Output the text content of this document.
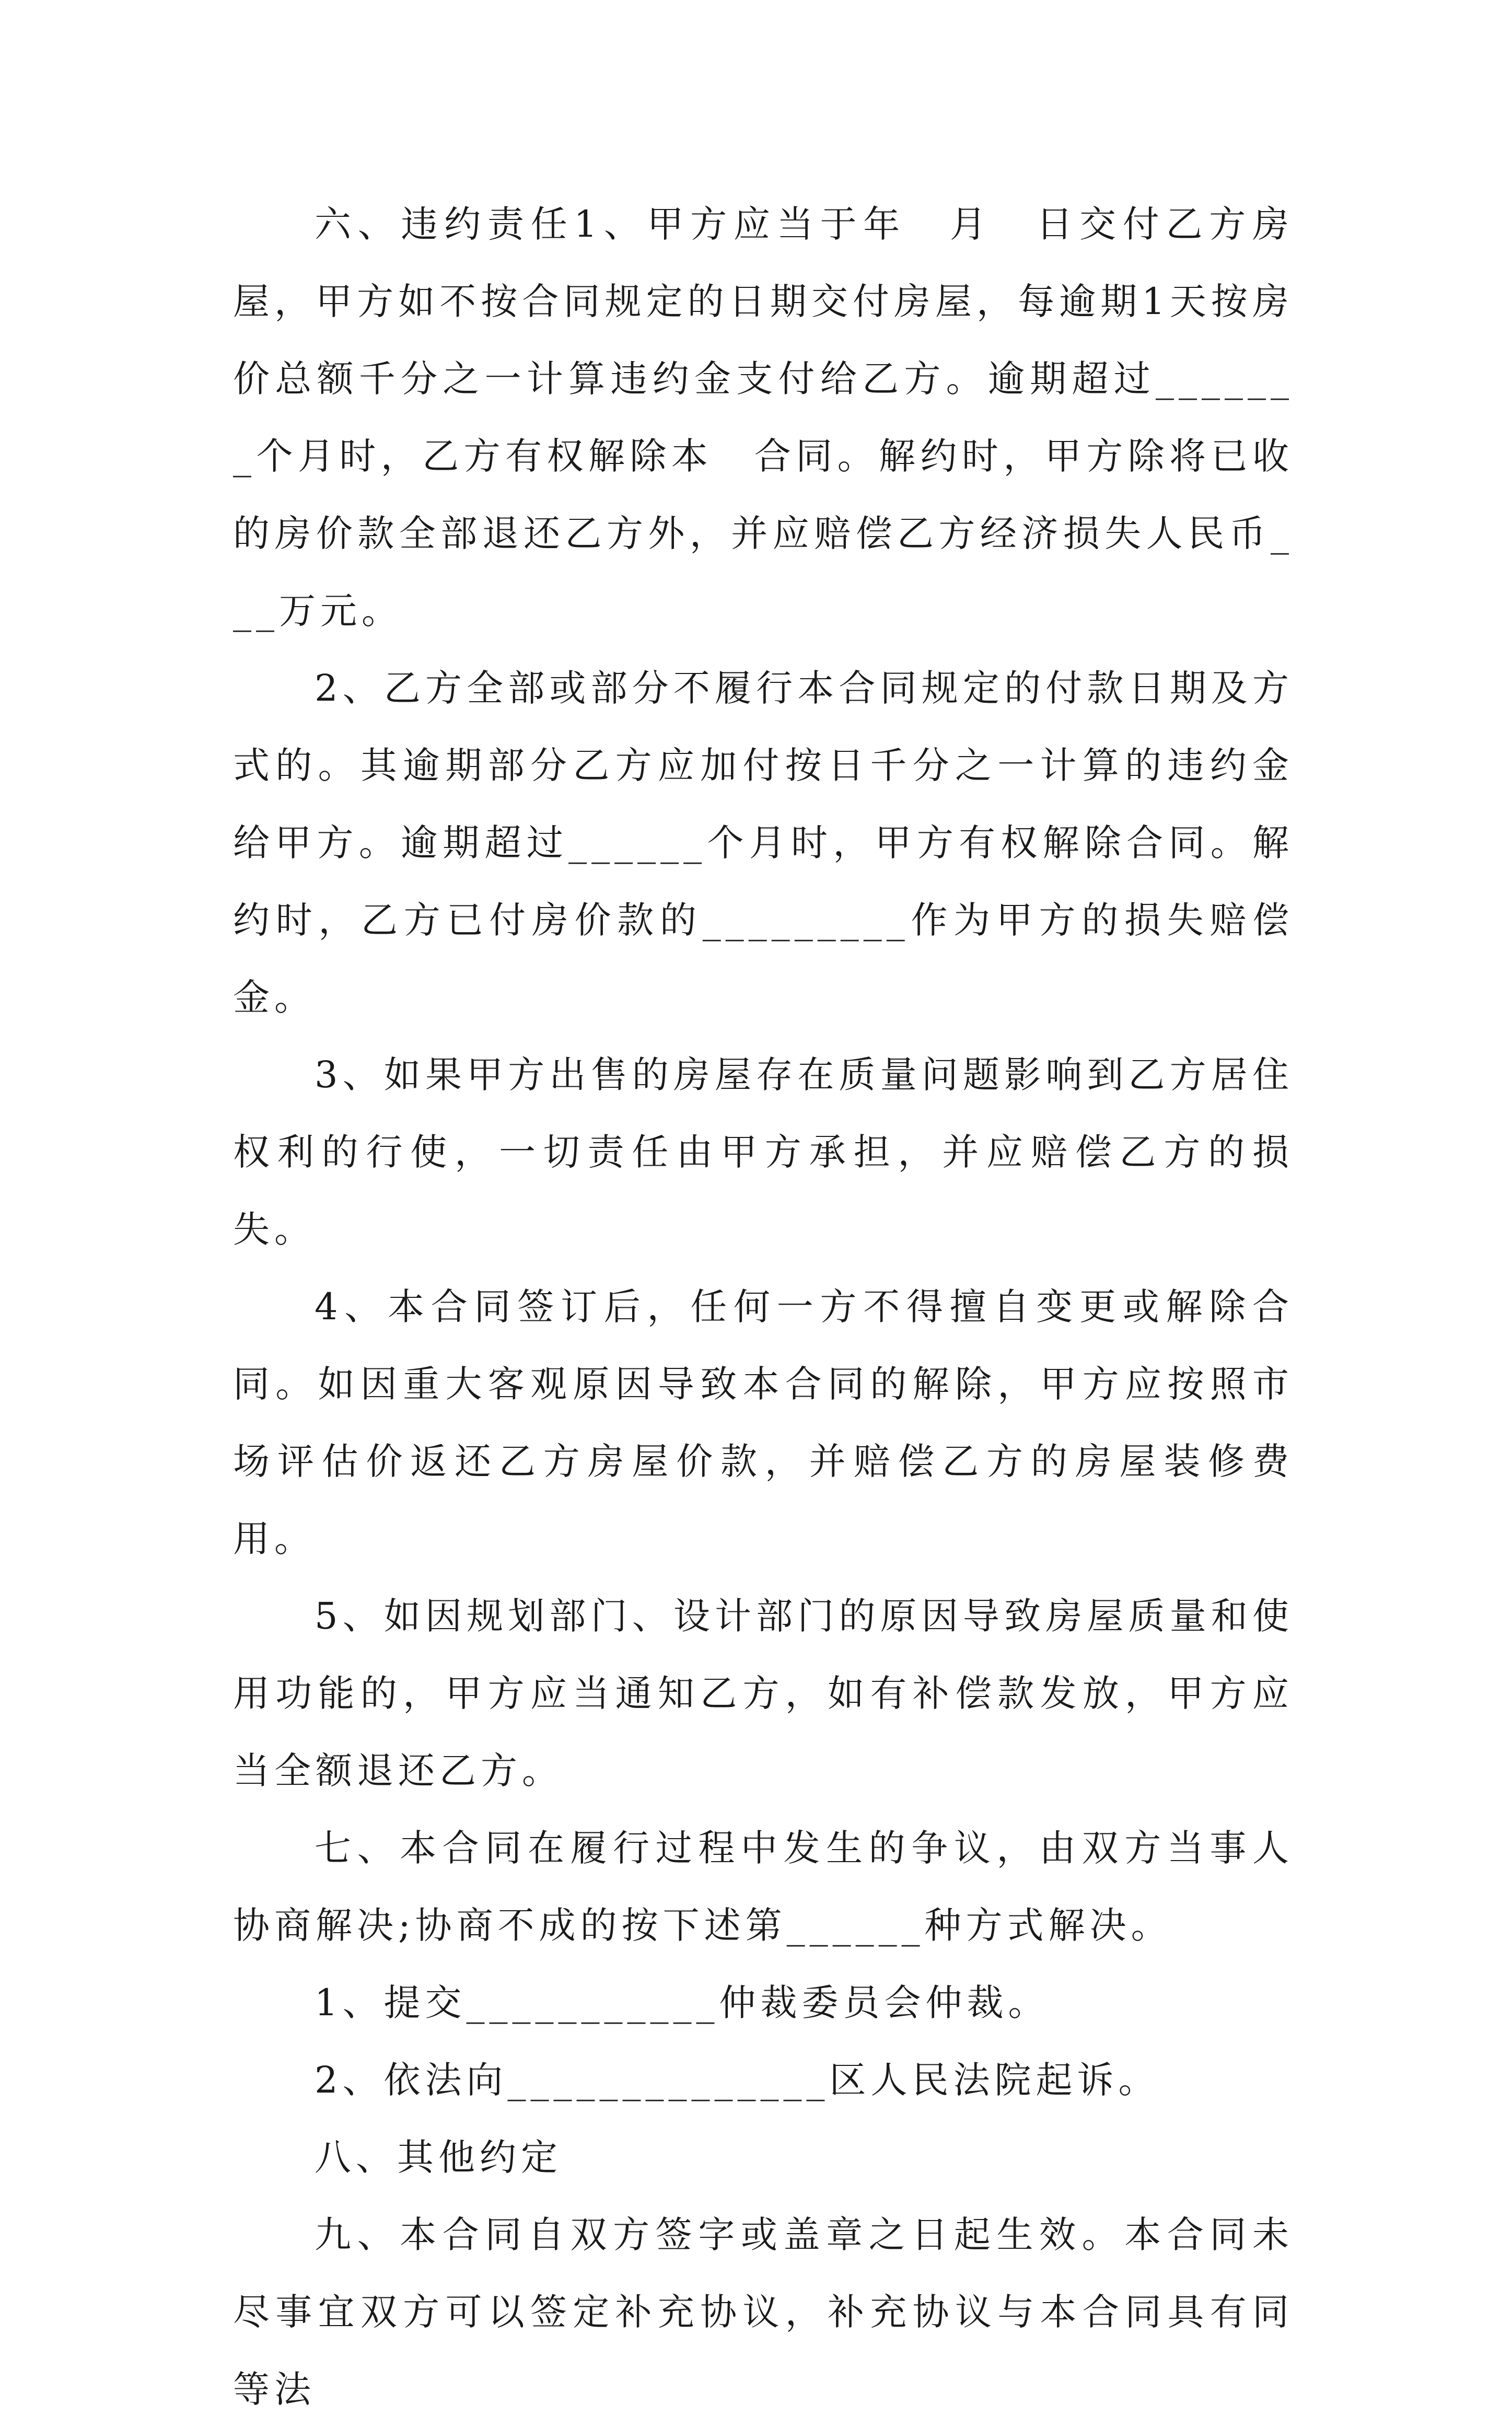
六、违约责任1、甲方应当于年　月　日交付乙方房屋，甲方如不按合同规定的日期交付房屋，每逾期1天按房价总额千分之一计算违约金支付给乙方。逾期超过_______个月时，乙方有权解除本　合同。解约时，甲方除将已收的房价款全部退还乙方外，并应赔偿乙方经济损失人民币___万元。

2、乙方全部或部分不履行本合同规定的付款日期及方式的。其逾期部分乙方应加付按日千分之一计算的违约金给甲方。逾期超过______个月时，甲方有权解除合同。解约时，乙方已付房价款的_________作为甲方的损失赔偿金。

3、如果甲方出售的房屋存在质量问题影响到乙方居住权利的行使，一切责任由甲方承担，并应赔偿乙方的损失。

4、本合同签订后，任何一方不得擅自变更或解除合同。如因重大客观原因导致本合同的解除，甲方应按照市场评估价返还乙方房屋价款，并赔偿乙方的房屋装修费用。

5、如因规划部门、设计部门的原因导致房屋质量和使用功能的，甲方应当通知乙方，如有补偿款发放，甲方应当全额退还乙方。

七、本合同在履行过程中发生的争议，由双方当事人协商解决;协商不成的按下述第______种方式解决。

1、提交___________仲裁委员会仲裁。

2、依法向______________区人民法院起诉。

八、其他约定

九、本合同自双方签字或盖章之日起生效。本合同未尽事宜双方可以签定补充协议，补充协议与本合同具有同等法
